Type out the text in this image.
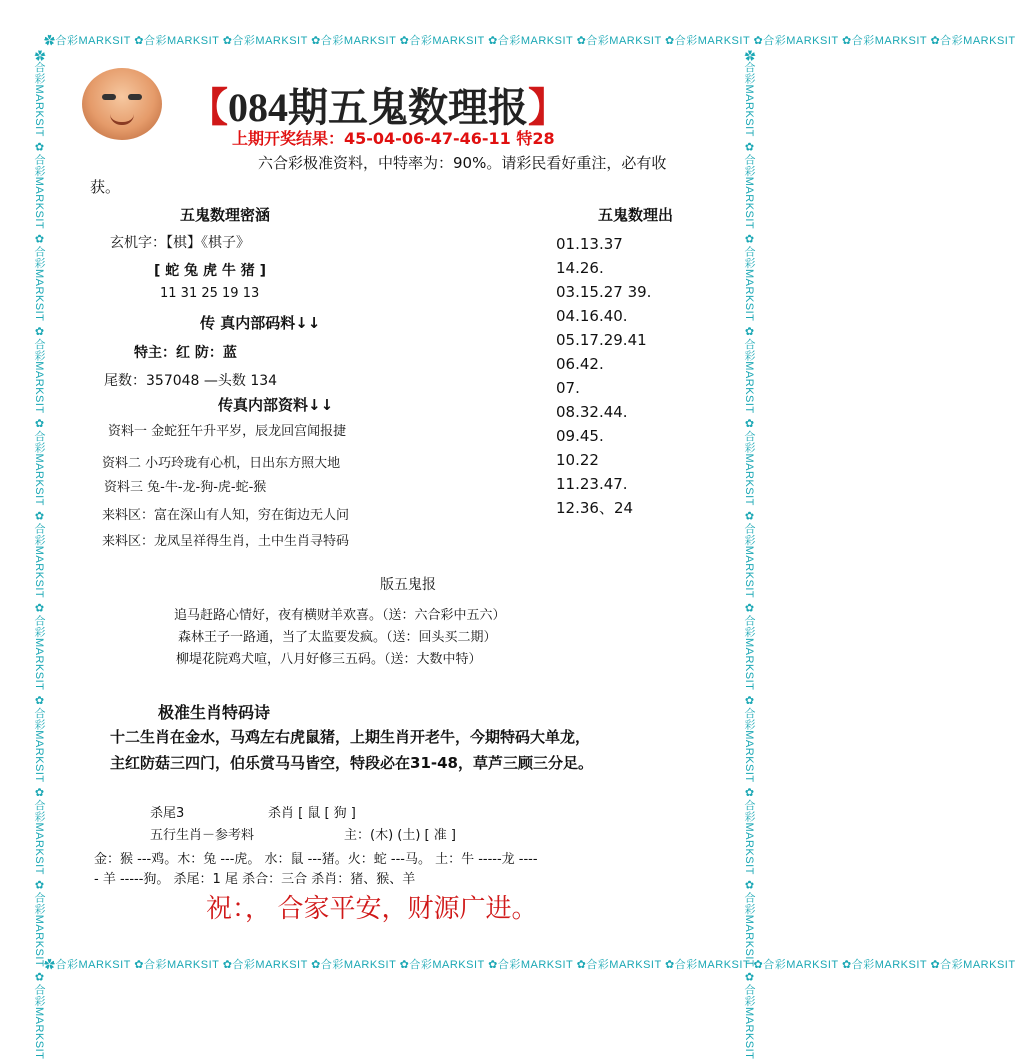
✿合彩MARKSIT ✿合彩MARKSIT ✿合彩MARKSIT ✿合彩MARKSIT ✿合彩MARKSIT ✿合彩MARKSIT ✿合彩MARKSIT ✿合彩MARKSIT ✿合彩MARKSIT ✿合彩MARKSIT ✿合彩MARKSIT
✿合彩MARKSIT ✿合彩MARKSIT ✿合彩MARKSIT ✿合彩MARKSIT ✿合彩MARKSIT ✿合彩MARKSIT ✿合彩MARKSIT ✿合彩MARKSIT ✿合彩MARKSIT ✿合彩MARKSIT ✿合彩MARKSIT
✿合彩MARKSIT ✿合彩MARKSIT ✿合彩MARKSIT ✿合彩MARKSIT ✿合彩MARKSIT ✿合彩MARKSIT ✿合彩MARKSIT ✿合彩MARKSIT ✿合彩MARKSIT ✿合彩MARKSIT ✿合彩MARKSIT	✿合彩MARKSIT ✿合彩MARKSIT ✿合彩MARKSIT ✿合彩MARKSIT ✿合彩MARKSIT ✿合彩MARKSIT ✿合彩MARKSIT ✿合彩MARKSIT ✿合彩MARKSIT ✿合彩MARKSIT ✿合彩MARKSIT
【084期五鬼数理报】
上期开奖结果：45-04-06-47-46-11 特28
六合彩极准资料，中特率为：90%。请彩民看好重注，必有收
获。
五鬼数理密涵	五鬼数理出
玄机字：【棋】《棋子》
[ 蛇 兔 虎 牛 猪 ]
11 31 25 19 13
传 真内部码料↓↓
特主：红 防：蓝
尾数：357048 —头数 134
传真内部资料↓↓
资料一 金蛇狂午升平岁，辰龙回宫闻报捷
资料二 小巧玲珑有心机，日出东方照大地
资料三 兔-牛-龙-狗-虎-蛇-猴
来料区：富在深山有人知，穷在街边无人问
来料区：龙凤呈祥得生肖，土中生肖寻特码
01.13.37
14.26.
03.15.27 39.
04.16.40.
05.17.29.41
06.42.
07.
08.32.44.
09.45.
10.22
11.23.47.
12.36、24
版五鬼报
追马赶路心情好，夜有横财羊欢喜。（送：六合彩中五六）
森林王子一路通，当了太监要发疯。（送：回头买二期）
柳堤花院鸡犬喧，八月好修三五码。（送：大数中特）
极准生肖特码诗
十二生肖在金水，马鸡左右虎鼠猪，上期生肖开老牛，今期特码大单龙，
主红防菇三四门，伯乐赏马马皆空，特段必在31-48，草芦三顾三分足。
杀尾3	杀肖 [ 鼠 [ 狗 ]
五行生肖－参考料	主：(木) (土) [ 准 ]
金：猴 ---鸡。木：兔 ---虎。 水：鼠 ---猪。火：蛇 ---马。 土：牛 -----龙 ----
- 羊 -----狗。 杀尾：1 尾 杀合：三合 杀肖：猪、猴、羊
祝：， 合家平安，财源广进。
